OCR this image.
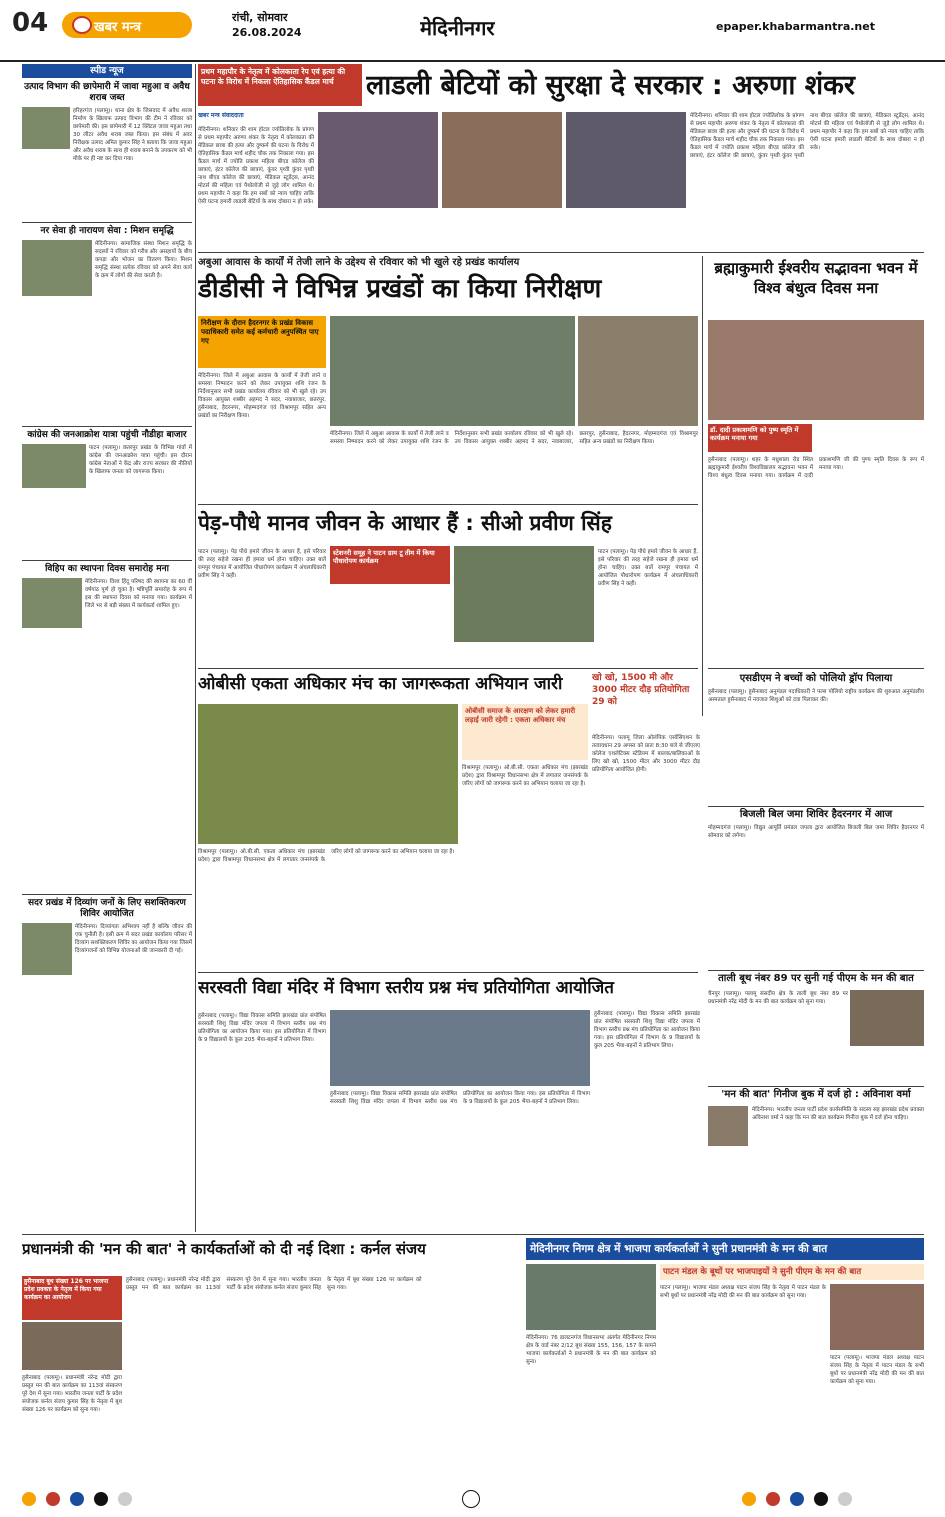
04	खबर मन्त्र
रांची, सोमवार
26.08.2024	मेदिनीनगर	epaper.khabarmantra.net
स्पीड न्यूज
उत्पाद विभाग की छापेमारी में जावा महुआ व अवैध शराब जब्त
हरिहरगंज (पलामू)। थाना क्षेत्र के जिसवाद में अवैध शराब निर्माण के खिलाफ उत्पाद विभाग की टीम ने रविवार को छापेमारी की। इस छापेमारी में 12 क्विंटल जावा महुआ तथा 30 लीटर अवैध शराब जब्त किया। इस संबंध में अवर निरीक्षक उत्पाद अमित कुमार सिंह ने बताया कि जावा महुआ और अवैध शराब के साथ ही शराब बनाने के उपकरण को भी मौके पर ही नष्ट कर दिया गया।
नर सेवा ही नारायण सेवा : मिशन समृद्धि
मेदिनीनगर। सामाजिक संस्था मिशन समृद्धि के सदस्यों ने रविवार को गरीब और असहायों के बीच कपड़ा और भोजन का वितरण किया। मिशन समृद्धि संस्था प्रत्येक रविवार को अपने सेवा कार्य के क्रम में लोगों की सेवा करती है।
कांग्रेस की जनआक्रोश यात्रा पहुंची नौडीहा बाजार
पाटन (पलामू)। छतरपुर प्रखंड के विभिन्न गांवों में कांग्रेस की जनआक्रोश यात्रा पहुंची। इस दौरान कांग्रेस नेताओं ने केंद्र और राज्य सरकार की नीतियों के खिलाफ जनता को जागरूक किया।
विहिप का स्थापना दिवस समारोह मना
मेदिनीनगर। विश्व हिंदू परिषद की स्थापना का 60 वीं वर्षगांठ पूर्ण हो चुका है। षष्टिपूर्ति समारोह के रूप में इस की स्थापना दिवस को मनाया गया। कार्यक्रम में जिले भर से बड़ी संख्या में कार्यकर्ता शामिल हुए।
सदर प्रखंड में दिव्यांग जनों के लिए सशक्तिकरण शिविर आयोजित
मेदिनीनगर। दिव्यांगता अभिशाप नहीं है बल्कि जीवन की एक चुनौती है। इसी क्रम में सदर प्रखंड कार्यालय परिसर में दिव्यांग सशक्तिकरण शिविर का आयोजन किया गया जिसमें दिव्यांगजनों को विभिन्न योजनाओं की जानकारी दी गई।
प्रथम महापौर के नेतृत्व में कोलकाता रेप एवं हत्या की घटना के विरोध में निकला ऐतिहासिक कैंडल मार्च	लाडली बेटियों को सुरक्षा दे सरकार : अरुणा शंकर
खबर मन्त्र संवाददाता
मेदिनीनगर। शनिवार की शाम होटल ज्योतिलोक के प्रांगण से प्रथम महापौर अरुणा शंकर के नेतृत्व में कोलकाता की मेडिकल छात्रा की हत्या और दुष्कर्म की घटना के विरोध में ऐतिहासिक कैंडल मार्च शहीद चौक तक निकाला गया। इस कैंडल मार्च में ज्योति प्रकाश महिला बीएड कॉलेज की छात्राएं, इंटर कॉलेज की छात्राएं, कुंवर पृथ्वी कुंवर पृथ्वी नाथ बीएड कॉलेज की छात्राएं, मेडिकल स्टूडेंट्स, आनंद मोटर्स की महिला एवं पैथोलॉजी से जुड़े लोग शामिल थे। प्रथम महापौर ने कहा कि हम सबों को न्याय चाहिए ताकि ऐसी घटना हमारी लाडली बेटियों के साथ दोबारा न हो सके।
मेदिनीनगर। शनिवार की शाम होटल ज्योतिलोक के प्रांगण से प्रथम महापौर अरुणा शंकर के नेतृत्व में कोलकाता की मेडिकल छात्रा की हत्या और दुष्कर्म की घटना के विरोध में ऐतिहासिक कैंडल मार्च शहीद चौक तक निकाला गया। इस कैंडल मार्च में ज्योति प्रकाश महिला बीएड कॉलेज की छात्राएं, इंटर कॉलेज की छात्राएं, कुंवर पृथ्वी कुंवर पृथ्वी नाथ बीएड कॉलेज की छात्राएं, मेडिकल स्टूडेंट्स, आनंद मोटर्स की महिला एवं पैथोलॉजी से जुड़े लोग शामिल थे। प्रथम महापौर ने कहा कि हम सबों को न्याय चाहिए ताकि ऐसी घटना हमारी लाडली बेटियों के साथ दोबारा न हो सके।
अबुआ आवास के कार्यों में तेजी लाने के उद्देश्य से रविवार को भी खुले रहे प्रखंड कार्यालय
डीडीसी ने विभिन्न प्रखंडों का किया निरीक्षण
निरीक्षण के दौरान हैदरनगर के प्रखंड विकास पदाधिकारी समेत कई कर्मचारी अनुपस्थित पाए गए
मेदिनीनगर। जिले में अबुआ आवास के कार्यों में तेजी लाने व समस्या निष्पादन करने को लेकर उपायुक्त शशि रंजन के निर्देशानुसार सभी प्रखंड कार्यालय रविवार को भी खुले रहे। उप विकास आयुक्त शब्बीर अहमद ने सदर, नवाबाजार, छतरपुर, हुसैनाबाद, हैदरनगर, मोहम्मदगंज एवं विश्रामपुर सहित अन्य प्रखंडों का निरीक्षण किया।
मेदिनीनगर। जिले में अबुआ आवास के कार्यों में तेजी लाने व समस्या निष्पादन करने को लेकर उपायुक्त शशि रंजन के निर्देशानुसार सभी प्रखंड कार्यालय रविवार को भी खुले रहे। उप विकास आयुक्त शब्बीर अहमद ने सदर, नवाबाजार, छतरपुर, हुसैनाबाद, हैदरनगर, मोहम्मदगंज एवं विश्रामपुर सहित अन्य प्रखंडों का निरीक्षण किया।
ब्रह्माकुमारी ईश्वरीय सद्भावना भवन में विश्व बंधुत्व दिवस मना
डॉ. दादी प्रकाशमणि को पुष्प स्मृति में कार्यक्रम मनाया गया
हुसैनाबाद (पलामू)। शहर के मधुशाला रोड स्थित ब्रह्माकुमारी ईश्वरीय विश्वविद्यालय सद्भावना भवन में विश्व बंधुत्व दिवस मनाया गया। कार्यक्रम में दादी प्रकाशमणि जी की पुण्य स्मृति दिवस के रूप में मनाया गया।
पेड़-पौधे मानव जीवन के आधार हैं : सीओ प्रवीण सिंह
स्टेशनरी समूह ने पाटन ग्राम टू तीम में किया पौधारोपण कार्यक्रम
पाटन (पलामू)। पेड़ पौधे हमारे जीवन के आधार हैं, इसे परिवार की तरह सहेजे रखना ही हमारा धर्म होना चाहिए। उक्त बातें रामपुर पंचायत में आयोजित पौधारोपण कार्यक्रम में अंचलाधिकारी प्रवीण सिंह ने कही।
पाटन (पलामू)। पेड़ पौधे हमारे जीवन के आधार हैं, इसे परिवार की तरह सहेजे रखना ही हमारा धर्म होना चाहिए। उक्त बातें रामपुर पंचायत में आयोजित पौधारोपण कार्यक्रम में अंचलाधिकारी प्रवीण सिंह ने कही।
ओबीसी एकता अधिकार मंच का जागरूकता अभियान जारी
ओबीसी समाज के आरक्षण को लेकर हमारी लड़ाई जारी रहेगी : एकता अधिकार मंच
विश्रामपुर (पलामू)। ओ.बी.सी. एकता अधिकार मंच (झारखंड प्रदेश) द्वारा विश्रामपुर विधानसभा क्षेत्र में लगातार जनसंपर्क के जरिए लोगों को जागरूक करने का अभियान चलाया जा रहा है।
विश्रामपुर (पलामू)। ओ.बी.सी. एकता अधिकार मंच (झारखंड प्रदेश) द्वारा विश्रामपुर विधानसभा क्षेत्र में लगातार जनसंपर्क के जरिए लोगों को जागरूक करने का अभियान चलाया जा रहा है।
खो खो, 1500 मी और 3000 मीटर दौड़ प्रतियोगिता 29 को
मेदिनीनगर। पलामू जिला ओलंपिक एसोसिएशन के तत्वावधान 29 अगस्त को प्रातः 8:30 बजे से जीएलए कॉलेज एथलेटिक्स स्टेडियम में बालक/बालिकाओं के लिए खो खो, 1500 मीटर और 3000 मीटर दौड़ प्रतियोगिता आयोजित होगी।
एसडीएम ने बच्चों को पोलियो ड्रॉप पिलाया
हुसैनाबाद (पलामू)। हुसैनाबाद अनुमंडल पदाधिकारी ने पल्स पोलियो राष्ट्रीय कार्यक्रम की शुरुआत अनुमंडलीय अस्पताल हुसैनाबाद में नवजात शिशुओं को दवा पिलाकर की।
बिजली बिल जमा शिविर हैदरनगर में आज
मोहम्मदगंज (पलामू)। विद्युत आपूर्ति प्रमंडल जपला द्वारा आयोजित बिजली बिल जमा शिविर हैदरनगर में सोमवार को लगेगा।
ताली बूथ नंबर 89 पर सुनी गई पीएम के मन की बात
चैनपुर (पलामू)। पलामू संसदीय क्षेत्र के ताली बूथ नंबर 89 पर प्रधानमंत्री नरेंद्र मोदी के मन की बात कार्यक्रम को सुना गया।
'मन की बात' गिनीज बुक में दर्ज हो : अविनाश वर्मा
मेदिनीनगर। भारतीय जनता पार्टी प्रदेश कार्यसमिति के सदस्य सह झारखंड प्रदेश प्रवक्ता अविनाश वर्मा ने कहा कि मन की बात कार्यक्रम गिनीज बुक में दर्ज होना चाहिए।
सरस्वती विद्या मंदिर में विभाग स्तरीय प्रश्न मंच प्रतियोगिता आयोजित
हुसैनाबाद (पलामू)। विद्या विकास समिति झारखंड प्रांत संपोषित सरस्वती शिशु विद्या मंदिर जपला में विभाग स्तरीय प्रश्न मंच प्रतियोगिता का आयोजन किया गया। इस प्रतियोगिता में विभाग के 9 विद्यालयों के कुल 205 भैया-बहनों ने प्रतिभाग लिया।
हुसैनाबाद (पलामू)। विद्या विकास समिति झारखंड प्रांत संपोषित सरस्वती शिशु विद्या मंदिर जपला में विभाग स्तरीय प्रश्न मंच प्रतियोगिता का आयोजन किया गया। इस प्रतियोगिता में विभाग के 9 विद्यालयों के कुल 205 भैया-बहनों ने प्रतिभाग लिया।
हुसैनाबाद (पलामू)। विद्या विकास समिति झारखंड प्रांत संपोषित सरस्वती शिशु विद्या मंदिर जपला में विभाग स्तरीय प्रश्न मंच प्रतियोगिता का आयोजन किया गया। इस प्रतियोगिता में विभाग के 9 विद्यालयों के कुल 205 भैया-बहनों ने प्रतिभाग लिया।
प्रधानमंत्री की 'मन की बात' ने कार्यकर्ताओं को दी नई दिशा : कर्नल संजय
हुसैनाबाद बूथ संख्या 126 पर भाजपा प्रदेश प्रवक्ता के नेतृत्व में किया गया कार्यक्रम का आयोजन
हुसैनाबाद (पलामू)। प्रधानमंत्री नरेन्द्र मोदी द्वारा प्रस्तुत मन की बात कार्यक्रम का 113वां संस्करण पूरे देश में सुना गया। भारतीय जनता पार्टी के प्रदेश संयोजक कर्नल संजय कुमार सिंह के नेतृत्व में बूथ संख्या 126 पर कार्यक्रम को सुना गया।
हुसैनाबाद (पलामू)। प्रधानमंत्री नरेन्द्र मोदी द्वारा प्रस्तुत मन की बात कार्यक्रम का 113वां संस्करण पूरे देश में सुना गया। भारतीय जनता पार्टी के प्रदेश संयोजक कर्नल संजय कुमार सिंह के नेतृत्व में बूथ संख्या 126 पर कार्यक्रम को सुना गया।
मेदिनीनगर निगम क्षेत्र में भाजपा कार्यकर्ताओं ने सुनी प्रधानमंत्री के मन की बात
मेदिनीनगर। 76 डालटनगंज विधानसभा अंतर्गत मेदिनीनगर निगम क्षेत्र के वार्ड नंबर 2/12 बूथ संख्या 155, 156, 157 के सामने भाजपा कार्यकर्ताओं ने प्रधानमंत्री के मन की बात कार्यक्रम को सुना।
पाटन मंडल के बूथों पर भाजपाइयों ने सुनी पीएम के मन की बात
पाटन (पलामू)। भाजपा मंडल अध्यक्ष पाटन संजय सिंह के नेतृत्व में पाटन मंडल के सभी बूथों पर प्रधानमंत्री नरेंद्र मोदी की मन की बात कार्यक्रम को सुना गया।
पाटन (पलामू)। भाजपा मंडल अध्यक्ष पाटन संजय सिंह के नेतृत्व में पाटन मंडल के सभी बूथों पर प्रधानमंत्री नरेंद्र मोदी की मन की बात कार्यक्रम को सुना गया।
